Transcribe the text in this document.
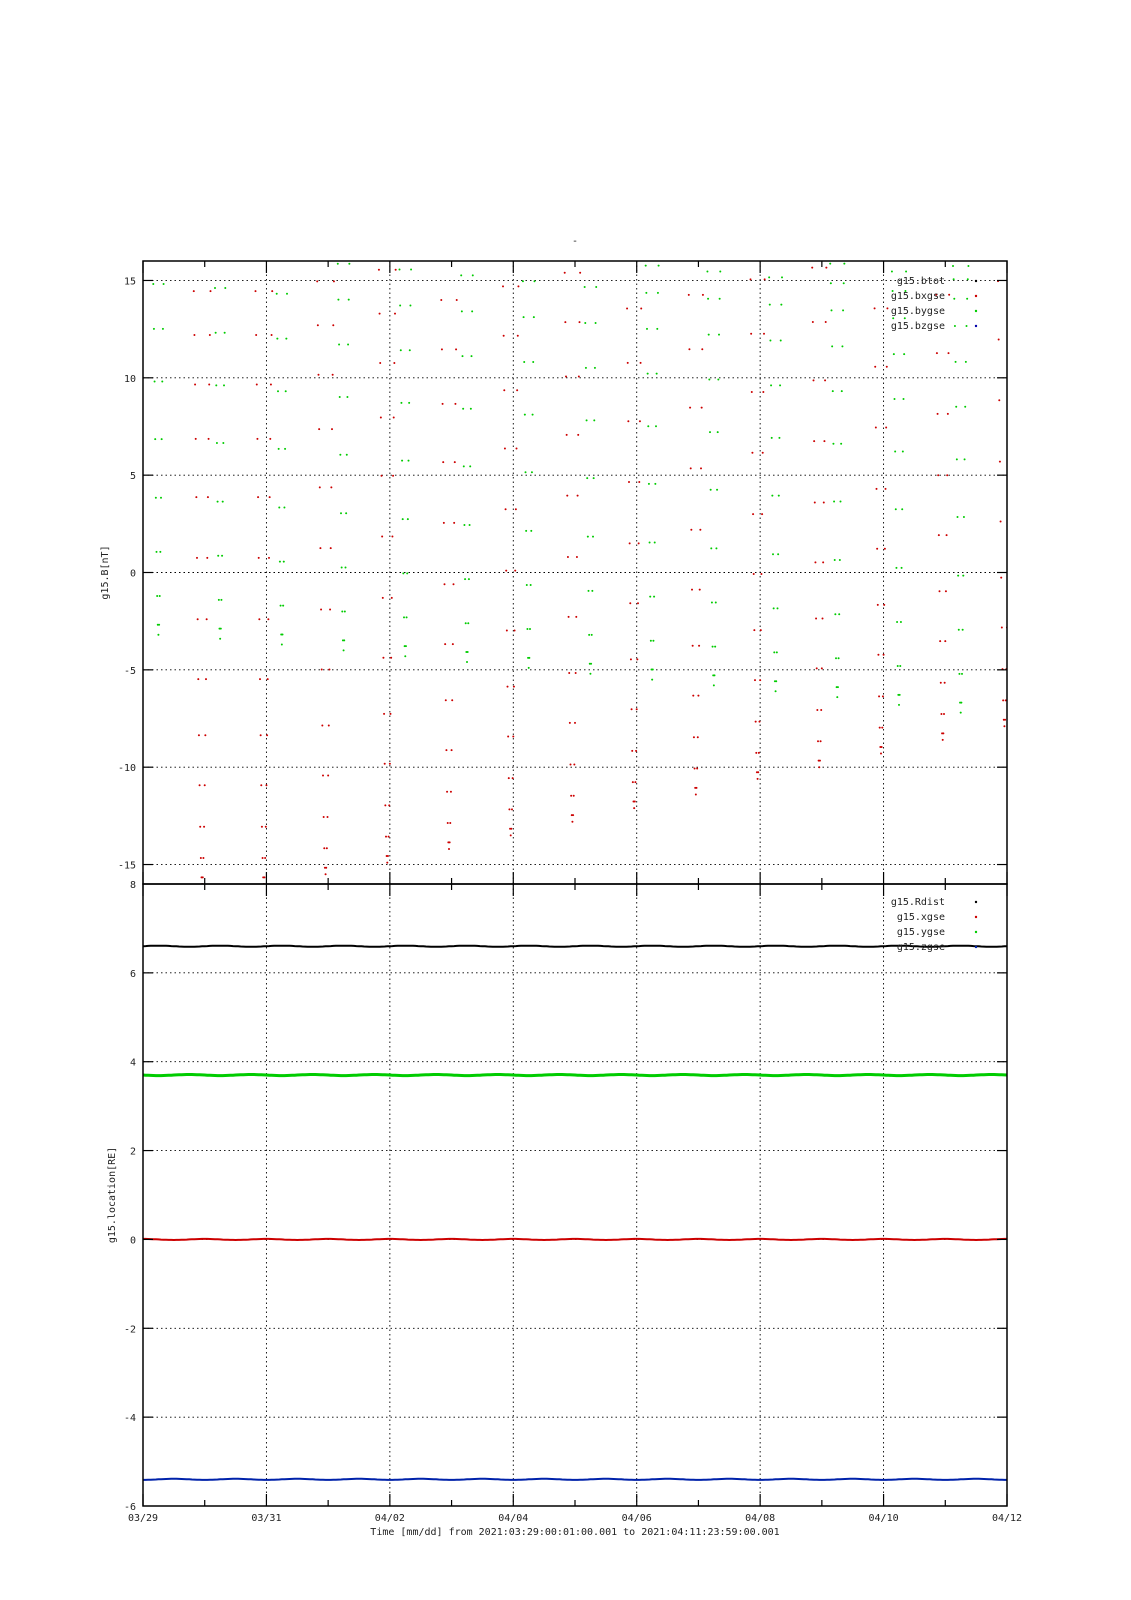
-
-15
-10
-5
0
5
10
15
g15.B[nT]
g15.btot
g15.bxgse
g15.bygse
g15.bzgse
-6
-4
-2
0
2
4
6
8
g15.location[RE]
g15.Rdist
g15.xgse
g15.ygse
g15.zgse
03/29	03/31	04/02	04/04	04/06	04/08	04/10	04/12
Time [mm/dd] from 2021:03:29:00:01:00.001 to 2021:04:11:23:59:00.001
